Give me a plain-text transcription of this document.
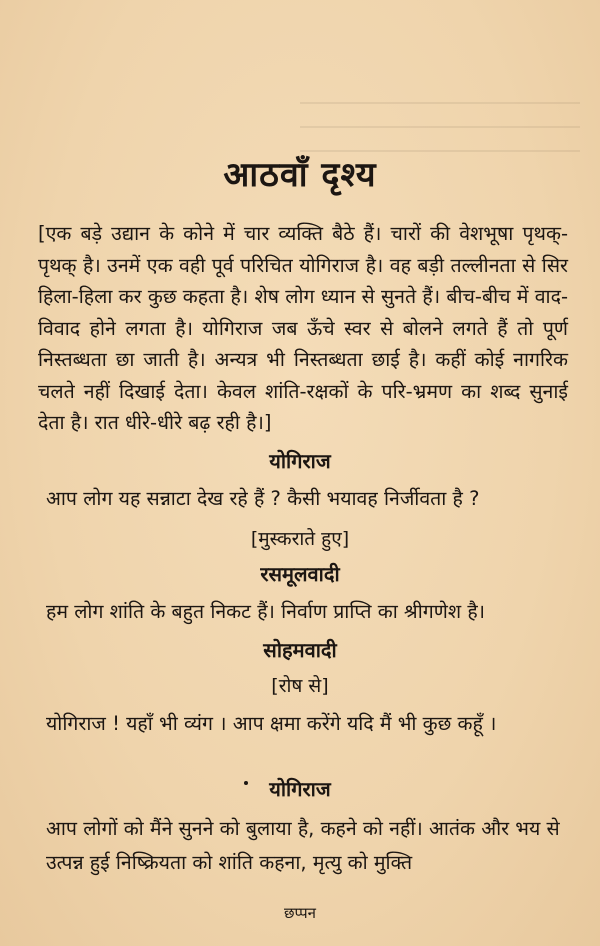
आठवाँ दृश्य
[एक बड़े उद्यान के कोने में चार व्यक्ति बैठे हैं। चारों की वेशभूषा पृथक्-पृथक् है। उनमें एक वही पूर्व परिचित योगिराज है। वह बड़ी तल्लीनता से सिर हिला-हिला कर कुछ कहता है। शेष लोग ध्यान से सुनते हैं। बीच-बीच में वाद-विवाद होने लगता है। योगिराज जब ऊँचे स्वर से बोलने लगते हैं तो पूर्ण निस्तब्धता छा जाती है। अन्यत्र भी निस्तब्धता छाई है। कहीं कोई नागरिक चलते नहीं दिखाई देता। केवल शांति-रक्षकों के परि-भ्रमण का शब्द सुनाई देता है। रात धीरे-धीरे बढ़ रही है।]
योगिराज
आप लोग यह सन्नाटा देख रहे हैं ? कैसी भयावह निर्जीवता है ?
[मुस्कराते हुए]
रसमूलवादी
हम लोग शांति के बहुत निकट हैं। निर्वाण प्राप्ति का श्रीगणेश है।
सोहमवादी
[रोष से]
योगिराज ! यहाँ भी व्यंग । आप क्षमा करेंगे यदि मैं भी कुछ कहूँ ।
योगिराज
आप लोगों को मैंने सुनने को बुलाया है, कहने को नहीं। आतंक और भय से उत्पन्न हुई निष्क्रियता को शांति कहना, मृत्यु को मुक्ति
छप्पन
